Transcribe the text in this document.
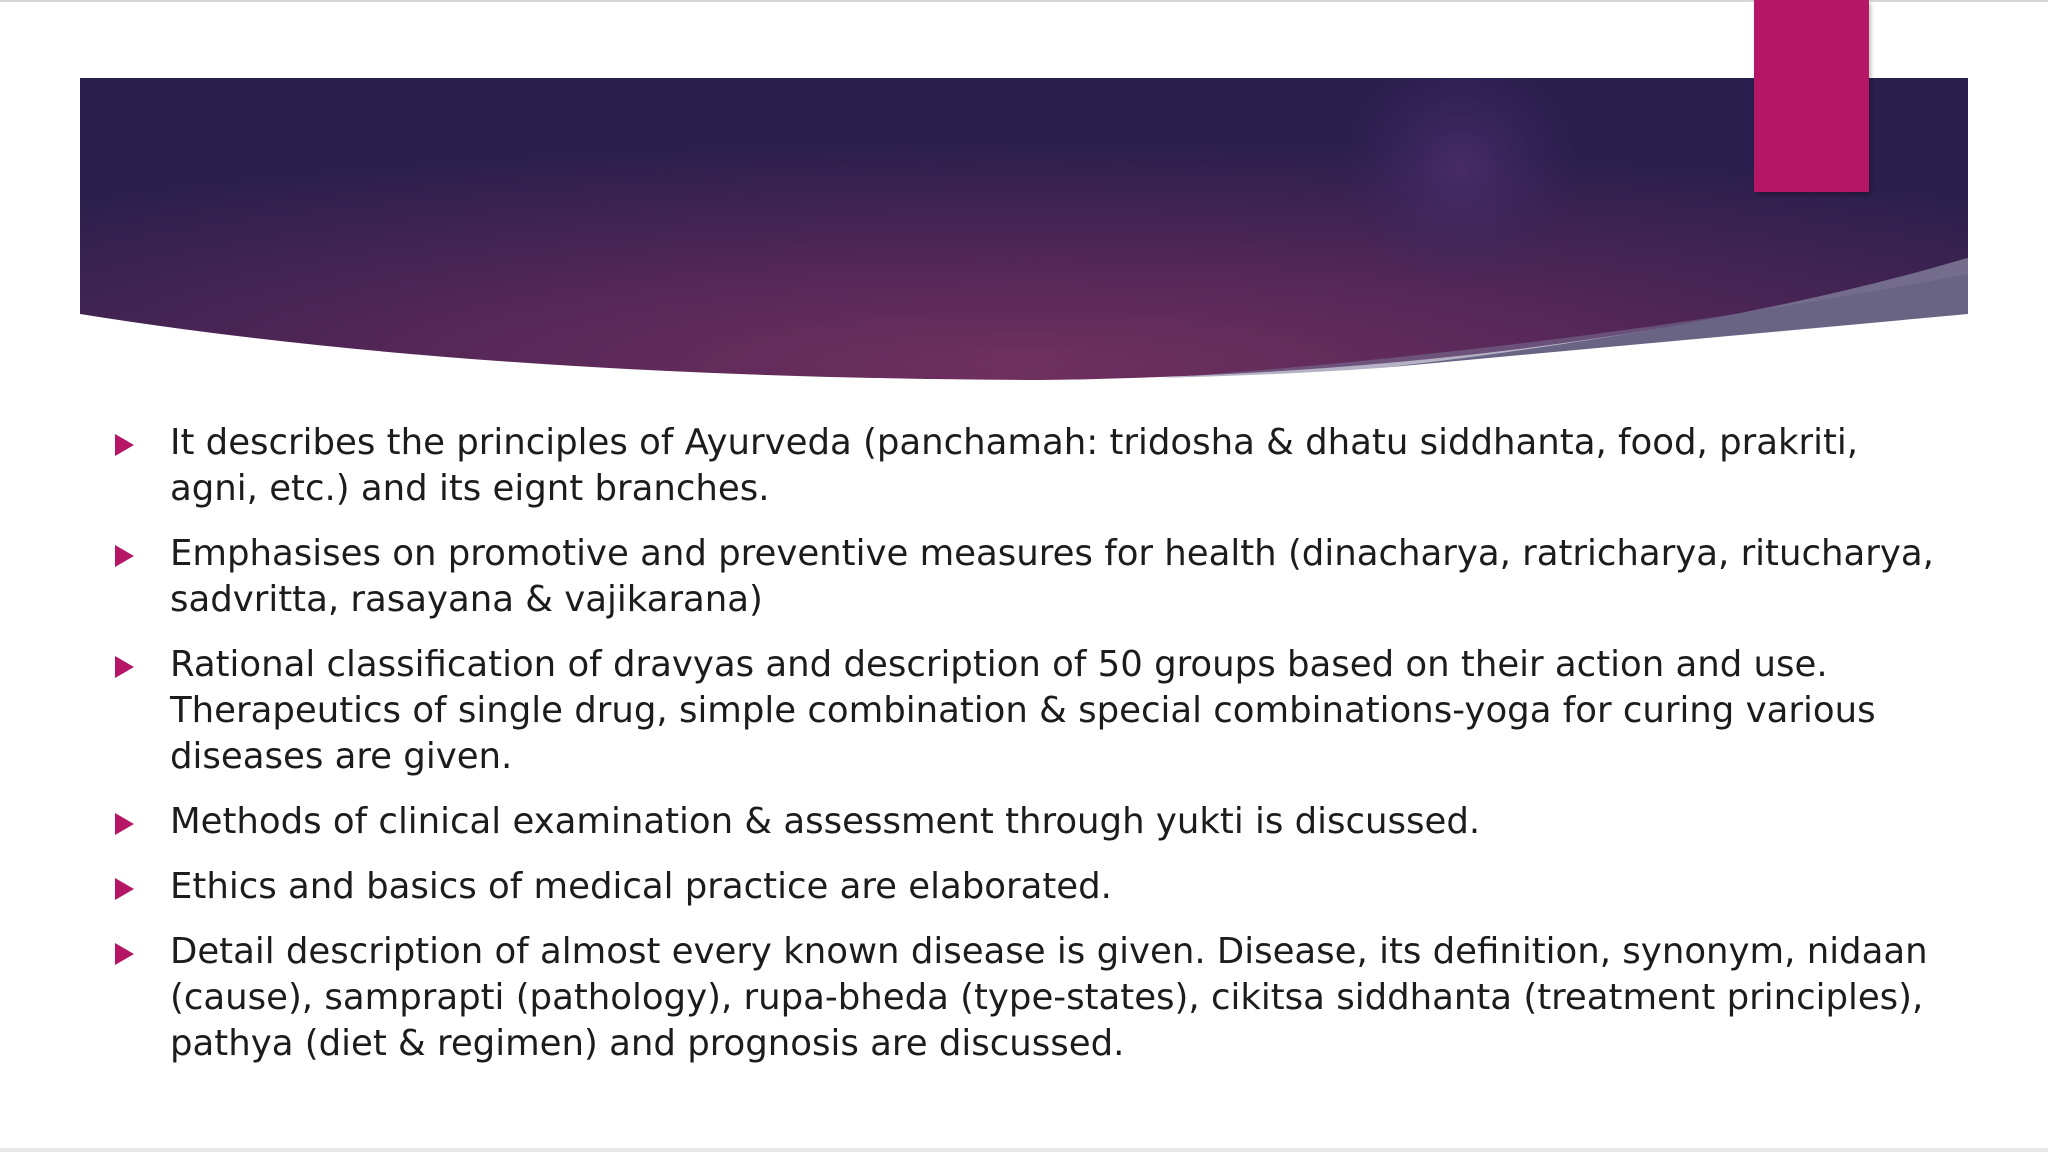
It describes the principles of Ayurveda (panchamah: tridosha & dhatu siddhanta, food, prakriti, agni, etc.) and its eignt branches.
Emphasises on promotive and preventive measures for health (dinacharya, ratricharya, ritucharya, sadvritta, rasayana & vajikarana)
Rational classification of dravyas and description of 50 groups based on their action and use. Therapeutics of single drug, simple combination & special combinations-yoga for curing various diseases are given.
Methods of clinical examination & assessment through yukti is discussed.
Ethics and basics of medical practice are elaborated.
Detail description of almost every known disease is given. Disease, its definition, synonym, nidaan (cause), samprapti (pathology), rupa-bheda (type-states), cikitsa siddhanta (treatment principles), pathya (diet & regimen) and prognosis are discussed.
